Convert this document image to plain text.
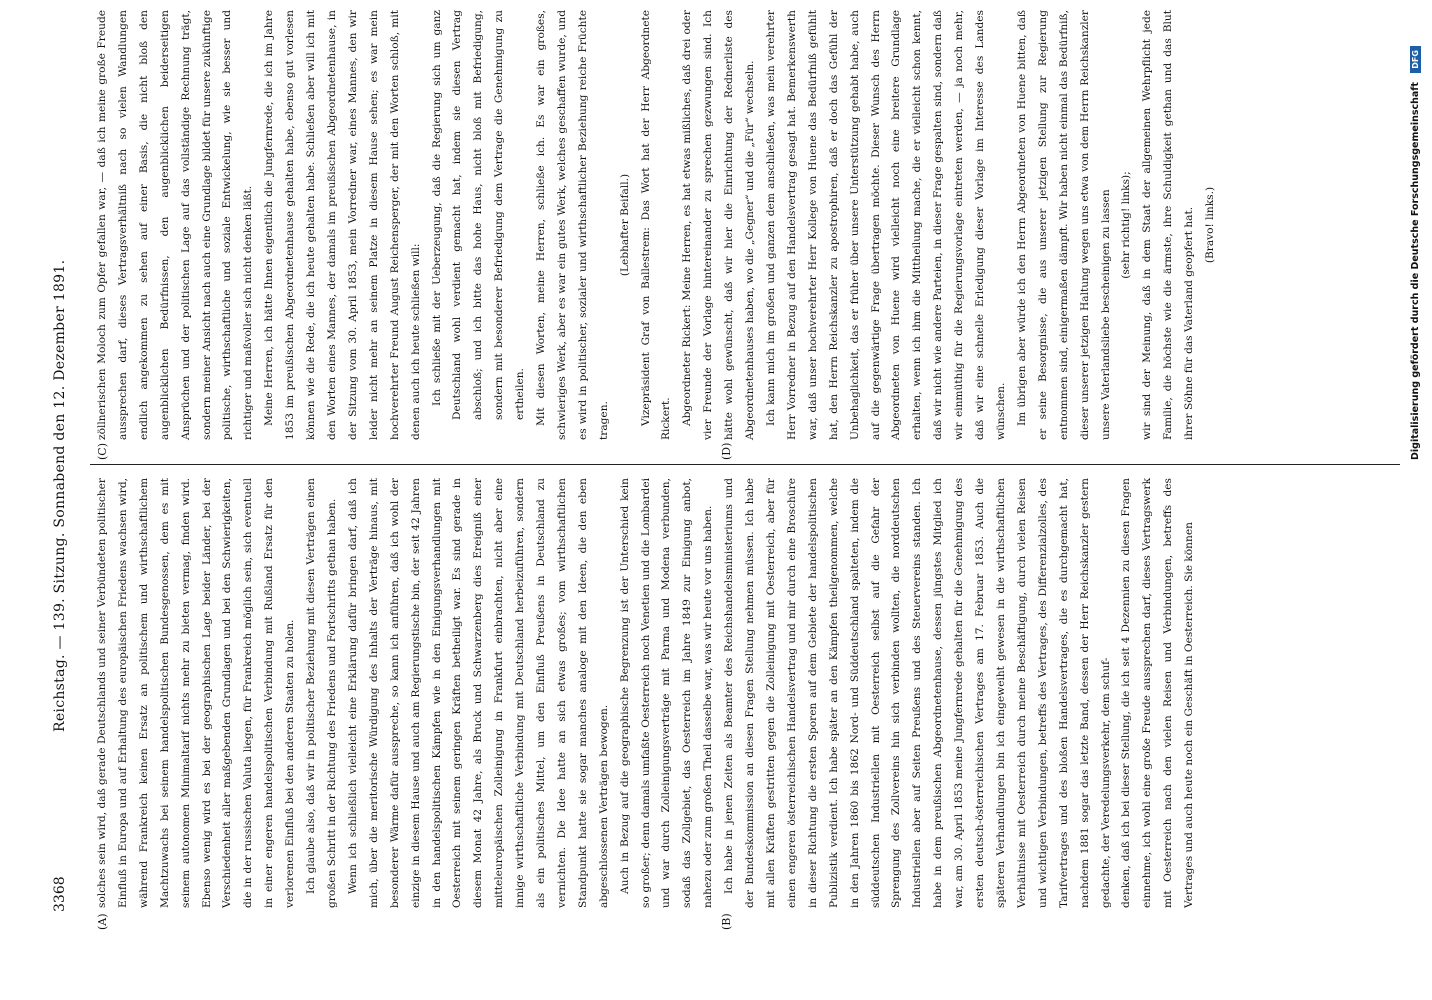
3368
Reichstag. — 139. Sitzung. Sonnabend den 12. Dezember 1891.
(A)	(B)
(C)	(D)

solches sein wird, daß gerade Deutschlands und seiner Verbündeten politischer Einfluß in Europa und auf Erhaltung des europäischen Friedens wachsen wird, während Frankreich keinen Ersatz an politischem und wirthschaftlichem Machtzuwachs bei seinem handelspolitischen Bundesgenossen, dem es mit seinem autonomen Minimaltarif nichts mehr zu bieten vermag, finden wird. Ebenso wenig wird es bei der geographischen Lage beider Länder, bei der Verschiedenheit aller maßgebenden Grundlagen und bei den Schwierigkeiten, die in der russischen Valuta liegen, für Frankreich möglich sein, sich eventuell in einer engeren handelspolitischen Verbindung mit Rußland Ersatz für den verlorenen Einfluß bei den anderen Staaten zu holen. Ich glaube also, daß wir in politischer Beziehung mit diesen Verträgen einen großen Schritt in der Richtung des Friedens und Fortschritts gethan haben. Wenn ich schließlich vielleicht eine Erklärung dafür bringen darf, daß ich mich, über die meritorische Würdigung des Inhalts der Verträge hinaus, mit besonderer Wärme dafür ausspreche, so kann ich anführen, daß ich wohl der einzige in diesem Hause und auch am Regierungstische bin, der seit 42 Jahren in den handelspolitischen Kämpfen wie in den Einigungsverhandlungen mit Oesterreich mit seinem geringen Kräften betheiligt war. Es sind gerade in diesem Monat 42 Jahre, als Bruck und Schwarzenberg dies Ereigniß einer mitteleuropäischen Zolleinigung in Frankfurt einbrachten, nicht aber eine innige wirthschaftliche Verbindung mit Deutschland herbeizuführen, sondern als ein politisches Mittel, um den Einfluß Preußens in Deutschland zu vernichten. Die Idee hatte an sich etwas großes; vom wirthschaftlichen Standpunkt hatte sie sogar manches analoge mit den Ideen, die den eben abgeschlossenen Verträgen bewogen. Auch in Bezug auf die geographische Begrenzung ist der Unterschied kein so großer; denn damals umfaßte Oesterreich noch Venetien und die Lombardei und war durch Zolleinigungsverträge mit Parma und Modena verbunden, sodaß das Zollgebiet, das Oesterreich im Jahre 1849 zur Einigung anbot, nahezu oder zum großen Theil dasselbe war, was wir heute vor uns haben. Ich habe in jenen Zeiten als Beamter des Reichshandelsministeriums und der Bundeskommission an diesen Fragen Stellung nehmen müssen. Ich habe mit allen Kräften gestritten gegen die Zolleinigung mit Oesterreich, aber für einen engeren österreichischen Handelsvertrag und mir durch eine Broschüre in dieser Richtung die ersten Sporen auf dem Gebiete der handelspolitischen Publizistik verdient. Ich habe später an den Kämpfen theilgenommen, welche in den Jahren 1860 bis 1862 Nord- und Süddeutschland spalteten, indem die süddeutschen Industriellen mit Oesterreich selbst auf die Gefahr der Sprengung des Zollvereins hin sich verbinden wollten, die norddeutschen Industriellen aber auf Seiten Preußens und des Steuervereins standen. Ich habe in dem preußischen Abgeordnetenhause, dessen jüngstes Mitglied ich war, am 30. April 1853 meine Jungfernrede gehalten für die Genehmigung des ersten deutsch-österreichischen Vertrages am 17. Februar 1853. Auch die späteren Verhandlungen bin ich eingeweiht gewesen in die wirthschaftlichen Verhältnisse mit Oesterreich durch meine Beschäftigung, durch vielen Reisen und wichtigen Verbindungen, betreffs des Vertrages, des Differenzialzolles, des Tarifvertrages und des bloßen Handelsvertrages, die es durchgemacht hat, nachdem 1881 sogar das letzte Band, dessen der Herr Reichskanzler gestern gedachte, der Veredelungsverkehr, dem schuf- denken, daß ich bei dieser Stellung, die ich seit 4 Dezennien zu diesen Fragen einnehme, ich wohl eine große Freude aussprechen darf, dieses Vertragswerk mit Oesterreich nach den vielen Reisen und Verbindungen, betreffs des Vertrages und auch heute noch ein Geschäft in Oesterreich. Sie können

zöllnerischen Moloch zum Opfer gefallen war, — daß ich meine große Freude aussprechen darf, dieses Vertragsverhältniß nach so vielen Wandlungen endlich angekommen zu sehen auf einer Basis, die nicht bloß den augenblicklichen Bedürfnissen, den augenblicklichen beiderseitigen Ansprüchen und der politischen Lage auf das vollständige Rechnung trägt, sondern meiner Ansicht nach auch eine Grundlage bildet für unsere zukünftige politische, wirthschaftliche und soziale Entwickelung, wie sie besser und richtiger und maßvoller sich nicht denken läßt. Meine Herren, ich hätte Ihnen eigentlich die Jungfernrede, die ich im Jahre 1853 im preußischen Abgeordnetenhause gehalten habe, ebenso gut vorlesen können wie die Rede, die ich heute gehalten habe. Schließen aber will ich mit den Worten eines Mannes, der damals im preußischen Abgeordnetenhause, in der Sitzung vom 30. April 1853, mein Vorredner war, eines Mannes, den wir leider nicht mehr an seinem Platze in diesem Hause sehen; es war mein hochverehrter Freund August Reichensperger, der mit den Worten schloß, mit denen auch ich heute schließen will: Ich schließe mit der Ueberzeugung, daß die Regierung sich um ganz Deutschland wohl verdient gemacht hat, indem sie diesen Vertrag abschloß; und ich bitte das hohe Haus, nicht bloß mit Befriedigung, sondern mit besonderer Befriedigung dem Vertrage die Genehmigung zu ertheilen. Mit diesen Worten, meine Herren, schließe ich. Es war ein großes, schwieriges Werk, aber es war ein gutes Werk, welches geschaffen wurde, und es wird in politischer, sozialer und wirthschaftlicher Beziehung reiche Früchte tragen.

(Lebhafter Beifall.) Vizepräsident Graf von Ballestrem: Das Wort hat der Herr Abgeordnete Rickert. Abgeordneter Rickert: Meine Herren, es hat etwas mißliches, daß drei oder vier Freunde der Vorlage hintereinander zu sprechen gezwungen sind. Ich hätte wohl gewünscht, daß wir hier die Einrichtung der Rednerliste des Abgeordnetenhauses haben, wo die „Gegner“ und die „Für“ wechseln. Ich kann mich im großen und ganzen dem anschließen, was mein verehrter Herr Vorredner in Bezug auf den Handelsvertrag gesagt hat. Bemerkenswerth war, daß unser hochverehrter Herr Kollege von Huene das Bedürfniß gefühlt hat, den Herrn Reichskanzler zu apostrophiren, daß er doch das Gefühl der Unbehaglichkeit, das er früher über unsere Unterstützung gehabt habe, auch auf die gegenwärtige Frage übertragen möchte. Dieser Wunsch des Herrn Abgeordneten von Huene wird vielleicht noch eine breitere Grundlage erhalten, wenn ich ihm die Mittheilung mache, die er vielleicht schon kennt, daß wir nicht wie andere Parteien, in dieser Frage gespalten sind, sondern daß wir einmüthig für die Regierungsvorlage eintreten werden, — ja noch mehr, daß wir eine schnelle Erledigung dieser Vorlage im Interesse des Landes wünschen. Im übrigen aber würde ich den Herrn Abgeordneten von Huene bitten, daß er seine Besorgnisse, die aus unserer jetzigen Stellung zur Regierung entnommen sind, einigermaßen dämpft. Wir haben nicht einmal das Bedürfniß, dieser unserer jetzigen Haltung wegen uns etwa von dem Herrn Reichskanzler unsere Vaterlandsliebe bescheinigen zu lassen (sehr richtig! links); wir sind der Meinung, daß in dem Staat der allgemeinen Wehrpflicht jede Familie, die höchste wie die ärmste, ihre Schuldigkeit gethan und das Blut ihrer Söhne für das Vaterland geopfert hat. (Bravo! links.)	Digitalisierung gefördert durch die Deutsche Forschungsgemeinschaft DFG
